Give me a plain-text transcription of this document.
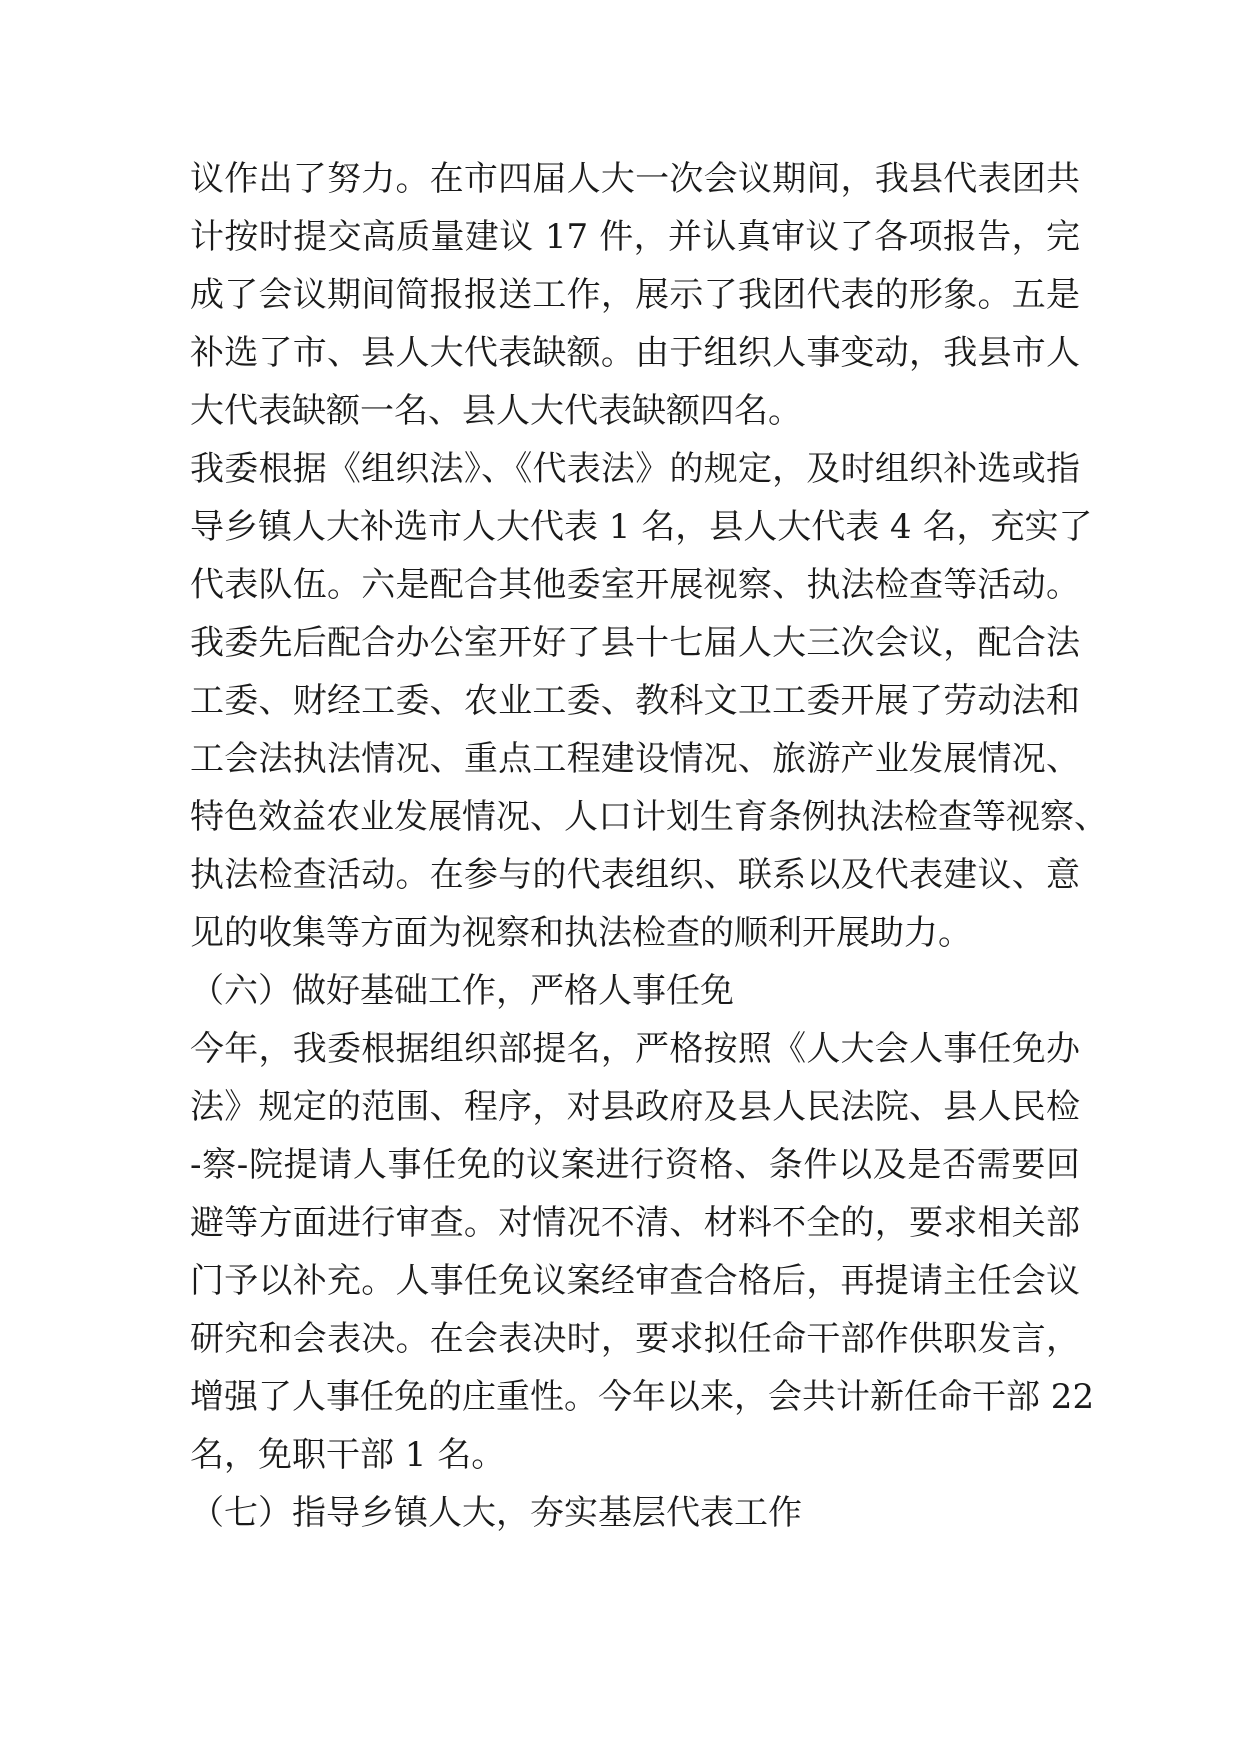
议作出了努力。在市四届人大一次会议期间，我县代表团共
计按时提交高质量建议 17 件，并认真审议了各项报告，完
成了会议期间简报报送工作，展示了我团代表的形象。五是
补选了市、县人大代表缺额。由于组织人事变动，我县市人
大代表缺额一名、县人大代表缺额四名。
我委根据《组织法》、《代表法》的规定，及时组织补选或指
导乡镇人大补选市人大代表 1 名，县人大代表 4 名，充实了
代表队伍。六是配合其他委室开展视察、执法检查等活动。
我委先后配合办公室开好了县十七届人大三次会议，配合法
工委、财经工委、农业工委、教科文卫工委开展了劳动法和
工会法执法情况、重点工程建设情况、旅游产业发展情况、
特色效益农业发展情况、人口计划生育条例执法检查等视察、
执法检查活动。在参与的代表组织、联系以及代表建议、意
见的收集等方面为视察和执法检查的顺利开展助力。
（六）做好基础工作，严格人事任免
今年，我委根据组织部提名，严格按照《人大会人事任免办
法》规定的范围、程序，对县政府及县人民法院、县人民检
-察-院提请人事任免的议案进行资格、条件以及是否需要回
避等方面进行审查。对情况不清、材料不全的，要求相关部
门予以补充。人事任免议案经审查合格后，再提请主任会议
研究和会表决。在会表决时，要求拟任命干部作供职发言，
增强了人事任免的庄重性。今年以来，会共计新任命干部 22
名，免职干部 1 名。
（七）指导乡镇人大，夯实基层代表工作
